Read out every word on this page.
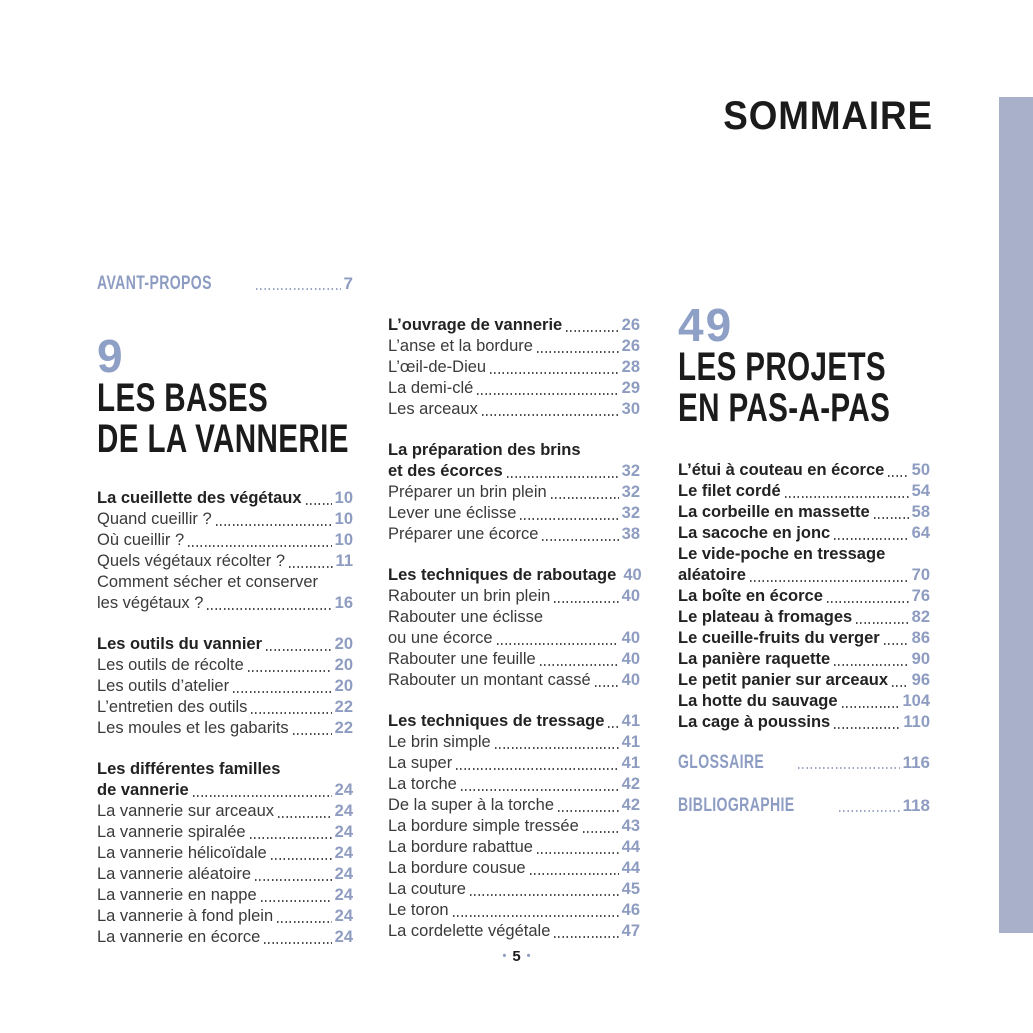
SOMMAIRE
AVANT-PROPOS	7
9
LES BASES
DE LA VANNERIE
La cueillette des végétaux 10
Quand cueillir ?	10
Où cueillir ?	10
Quels végétaux récolter ?	11
Comment sécher et conserver
les végétaux ?	16
Les outils du vannier	20
Les outils de récolte	20
Les outils d’atelier	20
L’entretien des outils	22
Les moules et les gabarits	22
Les différentes familles
de vannerie	24
La vannerie sur arceaux	24
La vannerie spiralée	24
La vannerie hélicoïdale	24
La vannerie aléatoire	24
La vannerie en nappe	24
La vannerie à fond plein	24
La vannerie en écorce	24
L’ouvrage de vannerie	26
L’anse et la bordure	26
L’œil-de-Dieu	28
La demi-clé	29
Les arceaux	30
La préparation des brins
et des écorces	32
Préparer un brin plein	32
Lever une éclisse	32
Préparer une écorce	38
Les techniques de raboutage 40
Rabouter un brin plein	40
Rabouter une éclisse
ou une écorce	40
Rabouter une feuille	40
Rabouter un montant cassé 40
Les techniques de tressage 41
Le brin simple	41
La super	41
La torche	42
De la super à la torche	42
La bordure simple tressée	43
La bordure rabattue	44
La bordure cousue	44
La couture	45
Le toron	46
La cordelette végétale	47
49
LES PROJETS
EN PAS-A-PAS
L’étui à couteau en écorce 50
Le filet cordé	54
La corbeille en massette	58
La sacoche en jonc	64
Le vide-poche en tressage
aléatoire	70
La boîte en écorce	76
Le plateau à fromages	82
Le cueille-fruits du verger 86
La panière raquette	90
Le petit panier sur arceaux 96
La hotte du sauvage	104
La cage à poussins	110
GLOSSAIRE	116
BIBLIOGRAPHIE	118
• 5 •
